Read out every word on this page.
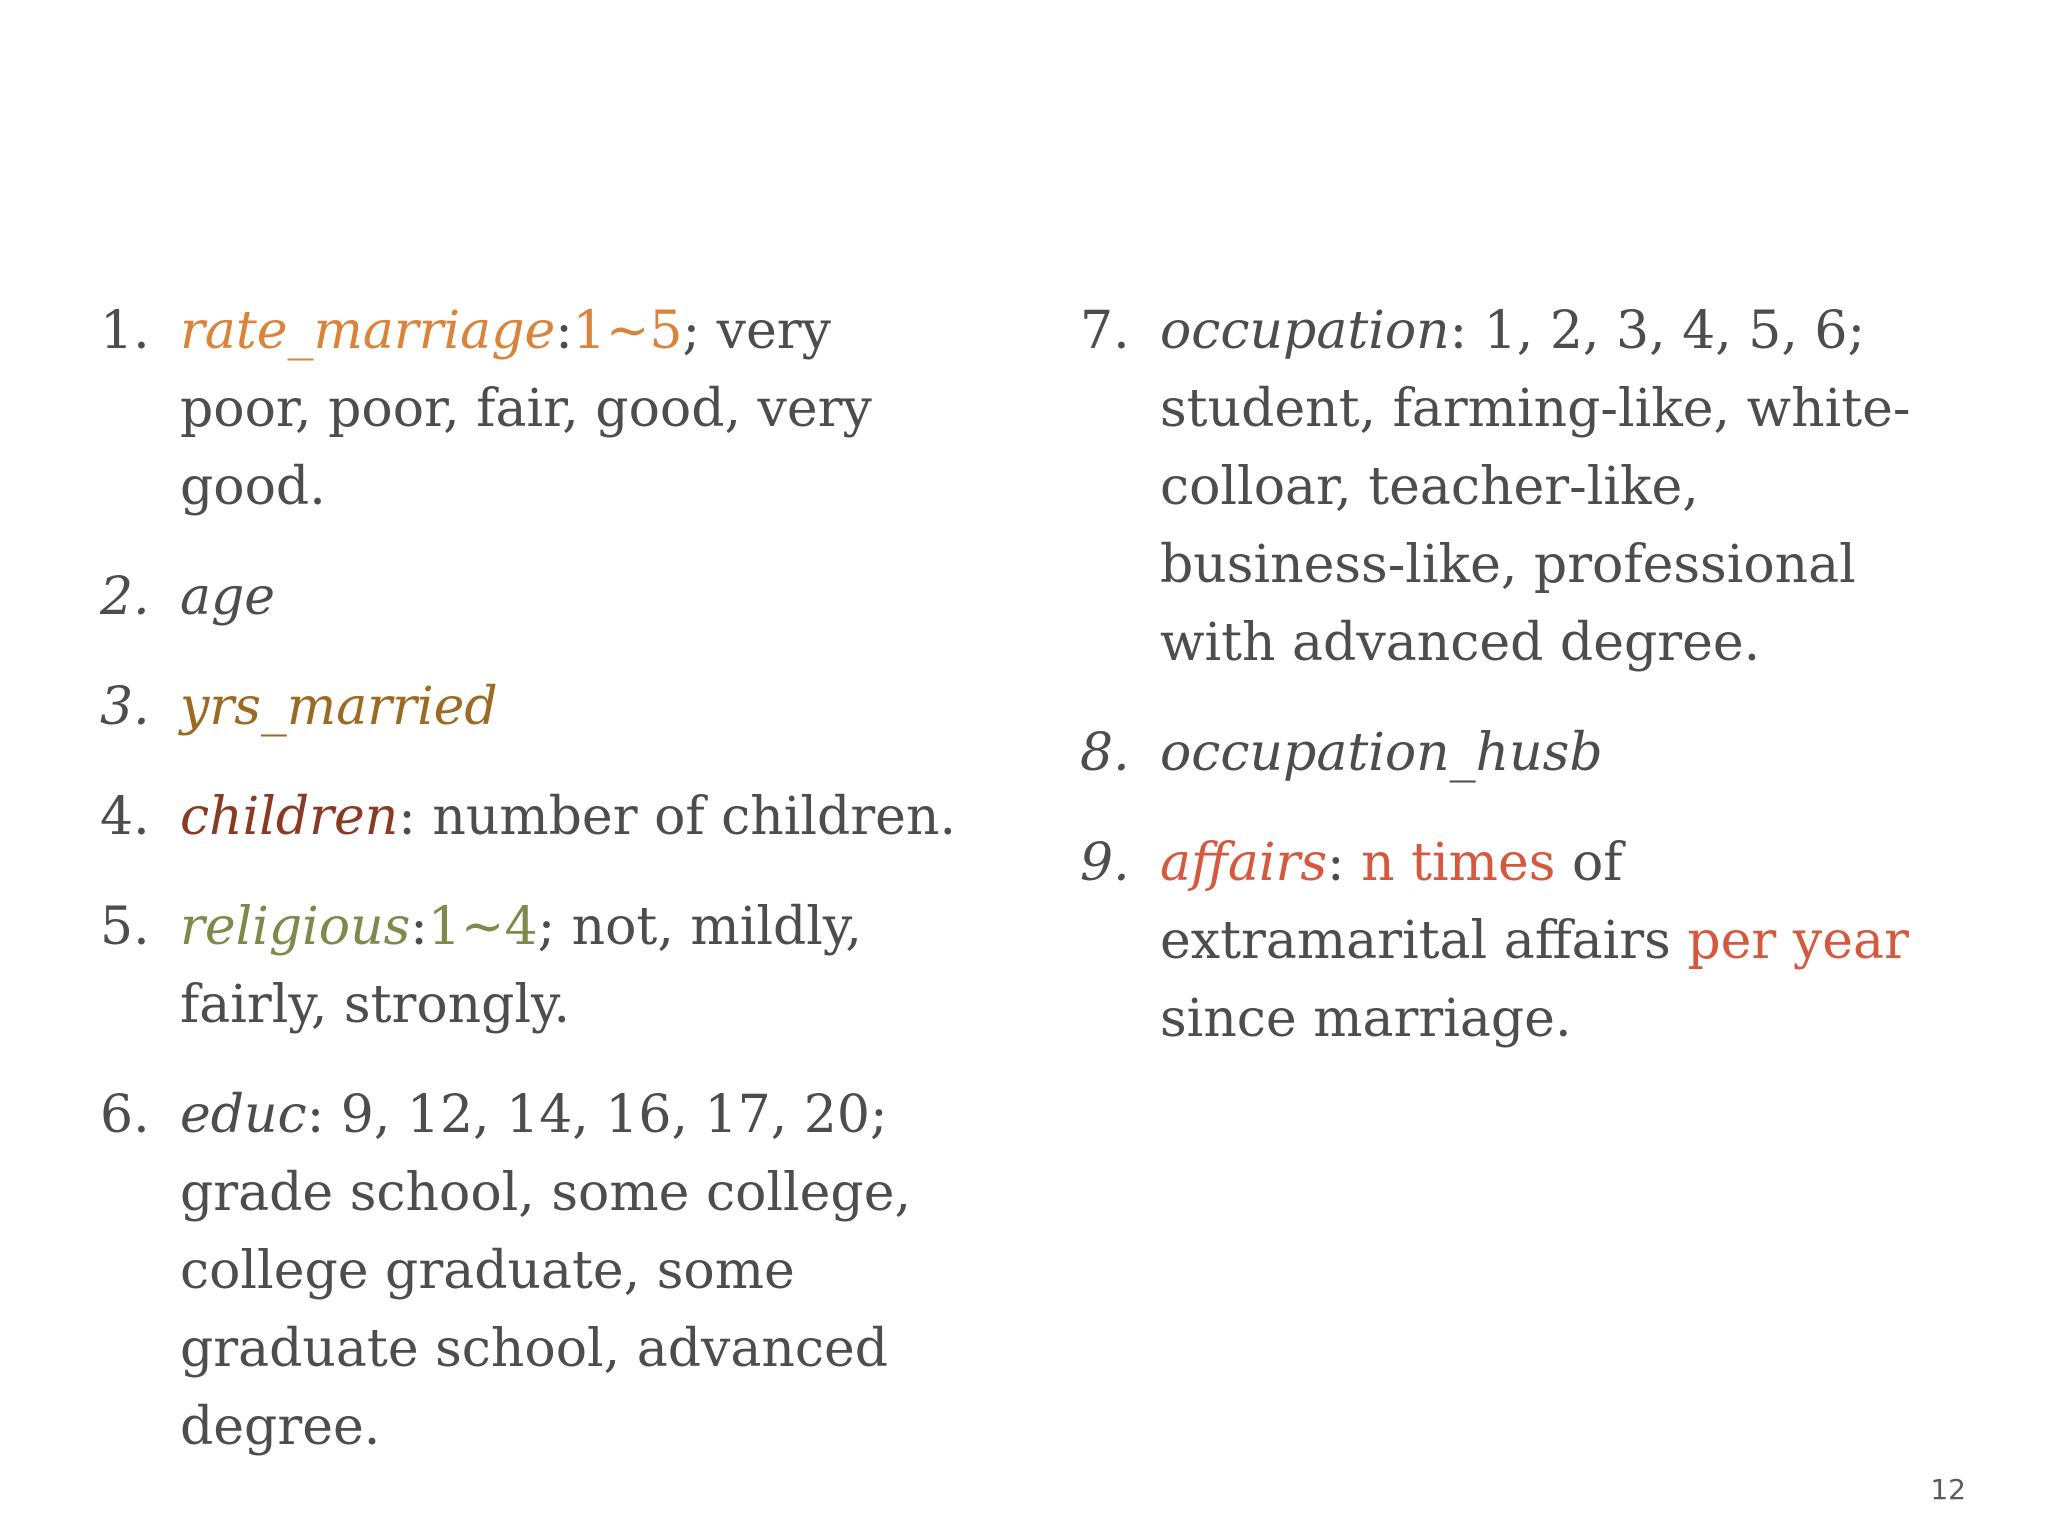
1. rate_marriage:1~5; very poor, poor, fair, good, very good.
2. age
3. yrs_married
4. children: number of children.
5. religious:1~4; not, mildly, fairly, strongly.
6. educ: 9, 12, 14, 16, 17, 20; grade school, some college, college graduate, some graduate school, advanced degree.
7. occupation: 1, 2, 3, 4, 5, 6; student, farming-like, white-colloar, teacher-like, business-like, professional with advanced degree.
8. occupation_husb
9. affairs: n times of extramarital affairs per year since marriage.
12
